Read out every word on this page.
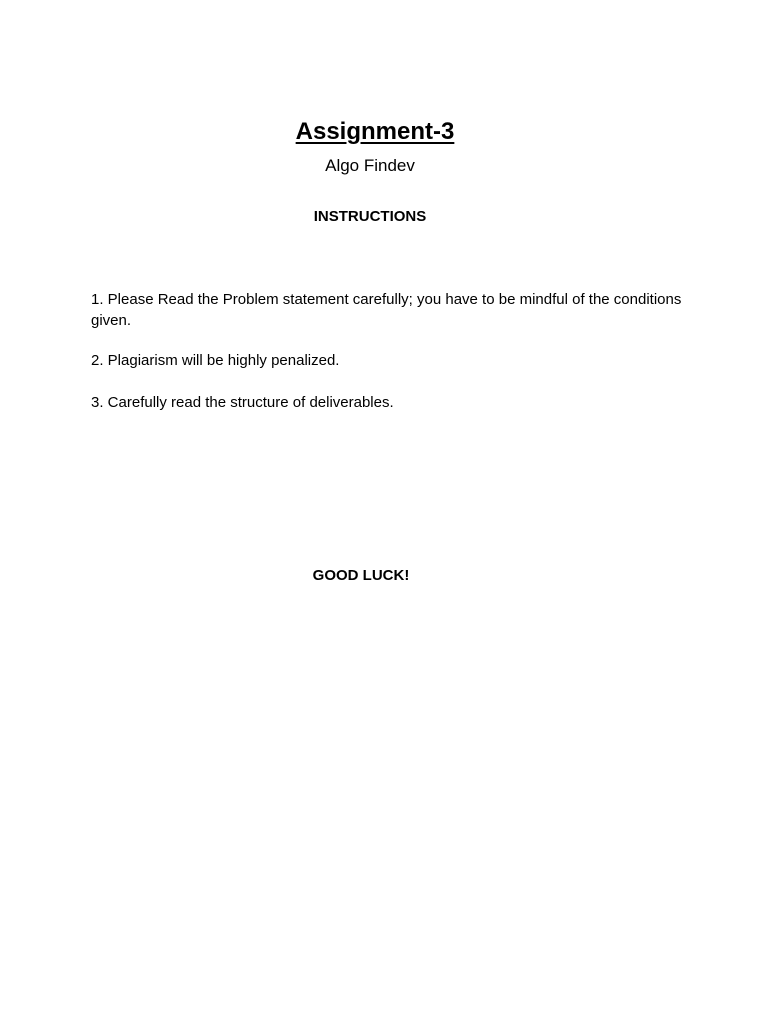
Assignment-3

Algo Findev

INSTRUCTIONS

1. Please Read the Problem statement carefully; you have to be mindful of the conditions given.

2. Plagiarism will be highly penalized.

3. Carefully read the structure of deliverables.

GOOD LUCK!
